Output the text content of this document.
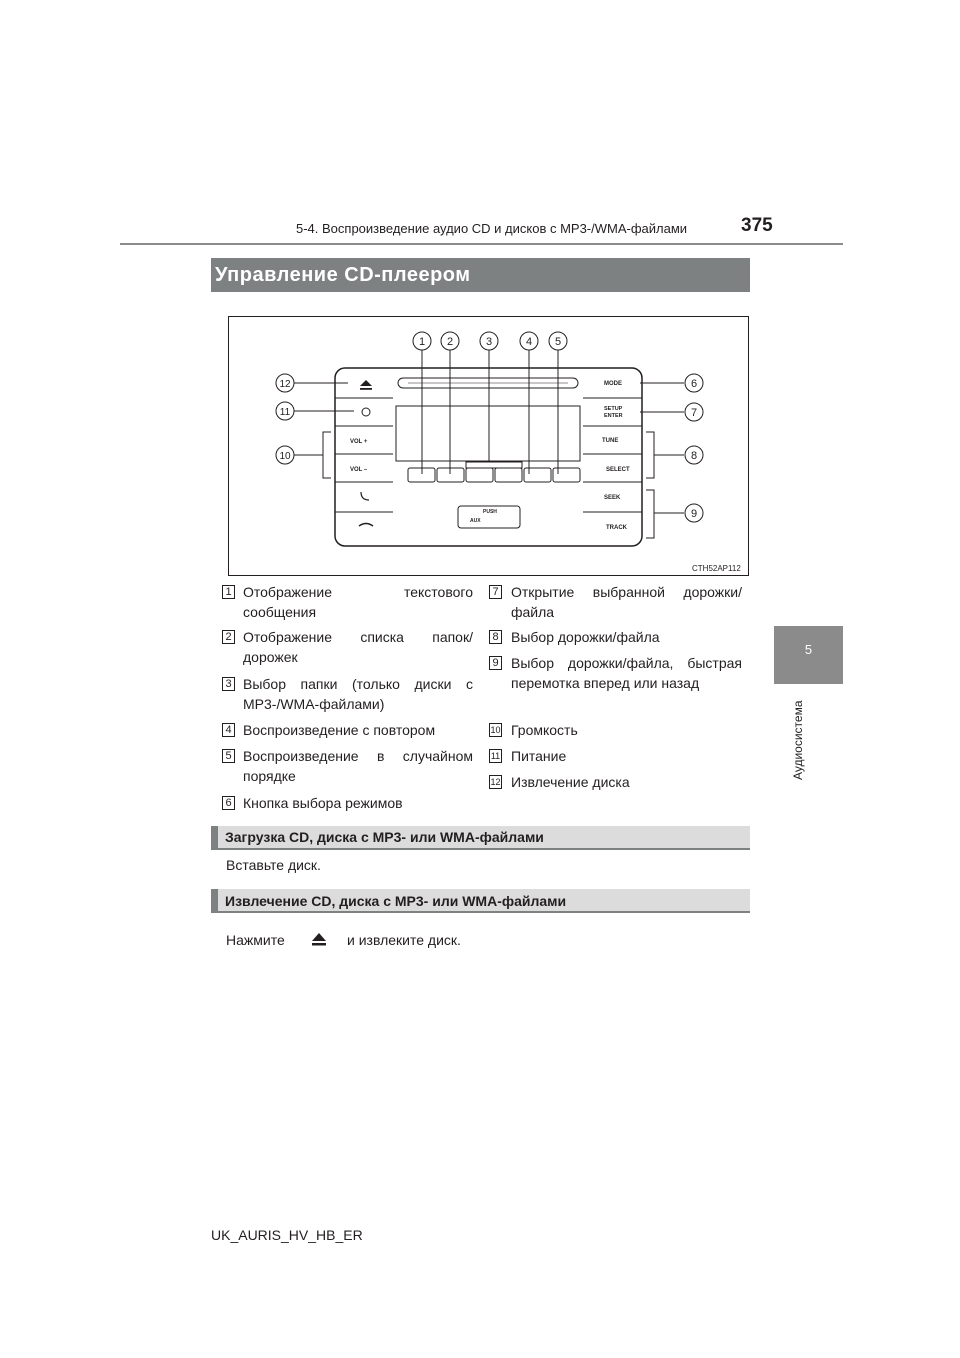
5-4. Воспроизведение аудио CD и дисков с MP3-/WMA-файлами	375
5
Аудиосистема
Управление CD-плеером
PUSH
AUX
VOL +
VOL –
MODE
SETUP
ENTER
TUNE
SELECT
SEEK
TRACK
1 2	3	4 5
6
7
8
9
10
11
12
CTH52AP112
1 Отображение текстового сообщения
2 Отображение списка папок/ дорожек
3 Выбор папки (только диски с MP3-/WMA-файлами)
4 Воспроизведение с повтором
5 Воспроизведение в случайном порядке
6 Кнопка выбора режимов
7 Открытие выбранной дорожки/ файла
8 Выбор дорожки/файла
9 Выбор дорожки/файла, быстрая перемотка вперед или назад
10 Громкость
11 Питание
12 Извлечение диска
Загрузка CD, диска с MP3- или WMA-файлами
Вставьте диск.
Извлечение CD, диска с MP3- или WMA-файлами
Нажмите	и извлеките диск.
UK_AURIS_HV_HB_ER
